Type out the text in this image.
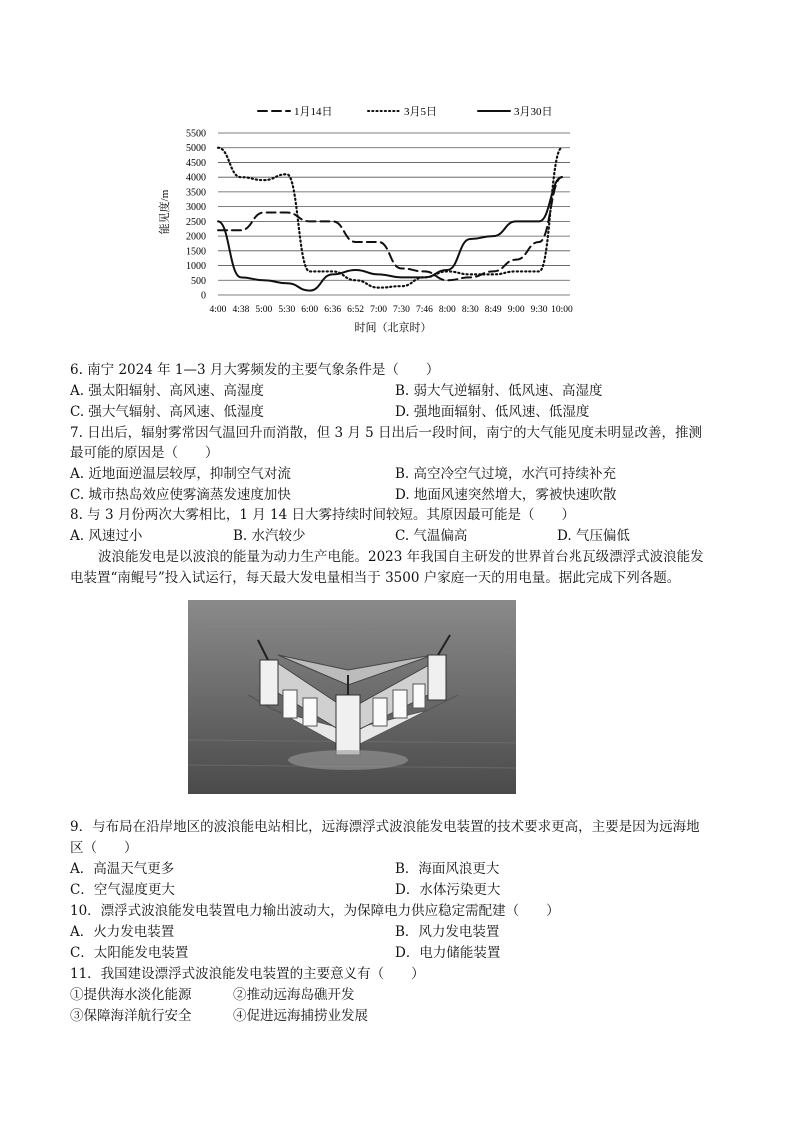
1月14日	3月5日	3月30日
0
500
1000
1500
2000
2500
3000
3500
4000
4500
5000
5500
4:00 4:38 5:00 5:30 6:00 6:36 6:52 7:00 7:30 7:46 8:00 8:30 8:49 9:00 9:30 10:00
能见度/m
时间（北京时）
6. 南宁 2024 年 1—3 月大雾频发的主要气象条件是（　　）
A. 强太阳辐射、高风速、高湿度	B. 弱大气逆辐射、低风速、高湿度
C. 强大气辐射、高风速、低湿度	D. 强地面辐射、低风速、低湿度
7. 日出后，辐射雾常因气温回升而消散，但 3 月 5 日出后一段时间，南宁的大气能见度未明显改善，推测
最可能的原因是（　　）
A. 近地面逆温层较厚，抑制空气对流	B. 高空冷空气过境，水汽可持续补充
C. 城市热岛效应使雾滴蒸发速度加快	D. 地面风速突然增大，雾被快速吹散
8. 与 3 月份两次大雾相比，1 月 14 日大雾持续时间较短。其原因最可能是（　　）
A. 风速过小	B. 水汽较少	C. 气温偏高	D. 气压偏低
波浪能发电是以波浪的能量为动力生产电能。2023 年我国自主研发的世界首台兆瓦级漂浮式波浪能发
电装置“南鲲号”投入试运行，每天最大发电量相当于 3500 户家庭一天的用电量。据此完成下列各题。
9．与布局在沿岸地区的波浪能电站相比，远海漂浮式波浪能发电装置的技术要求更高，主要是因为远海地
区（　　）
A．高温天气更多	B．海面风浪更大
C．空气湿度更大	D．水体污染更大
10．漂浮式波浪能发电装置电力输出波动大，为保障电力供应稳定需配建（　　）
A．火力发电装置	B．风力发电装置
C．太阳能发电装置	D．电力储能装置
11．我国建设漂浮式波浪能发电装置的主要意义有（　　）
①提供海水淡化能源	②推动远海岛礁开发
③保障海洋航行安全	④促进远海捕捞业发展
